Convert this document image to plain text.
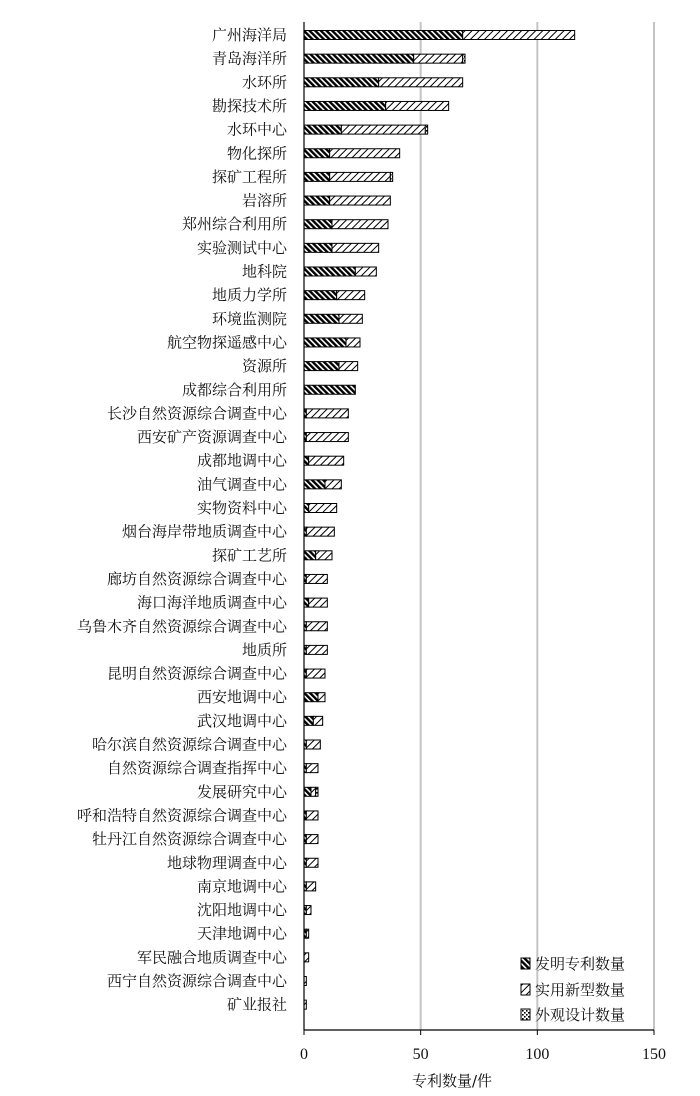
广州海洋局
青岛海洋所
水环所
勘探技术所
水环中心
物化探所
探矿工程所
岩溶所
郑州综合利用所
实验测试中心
地科院
地质力学所
环境监测院
航空物探遥感中心
资源所
成都综合利用所
长沙自然资源综合调查中心
西安矿产资源调查中心
成都地调中心
油气调查中心
实物资料中心
烟台海岸带地质调查中心
探矿工艺所
廊坊自然资源综合调查中心
海口海洋地质调查中心
乌鲁木齐自然资源综合调查中心
地质所
昆明自然资源综合调查中心
西安地调中心
武汉地调中心
哈尔滨自然资源综合调查中心
自然资源综合调查指挥中心
发展研究中心
呼和浩特自然资源综合调查中心
牡丹江自然资源综合调查中心
地球物理调查中心
南京地调中心
沈阳地调中心
天津地调中心
军民融合地质调查中心
西宁自然资源综合调查中心
矿业报社
0	50	100	150
专利数量/件
发明专利数量
实用新型数量
外观设计数量
